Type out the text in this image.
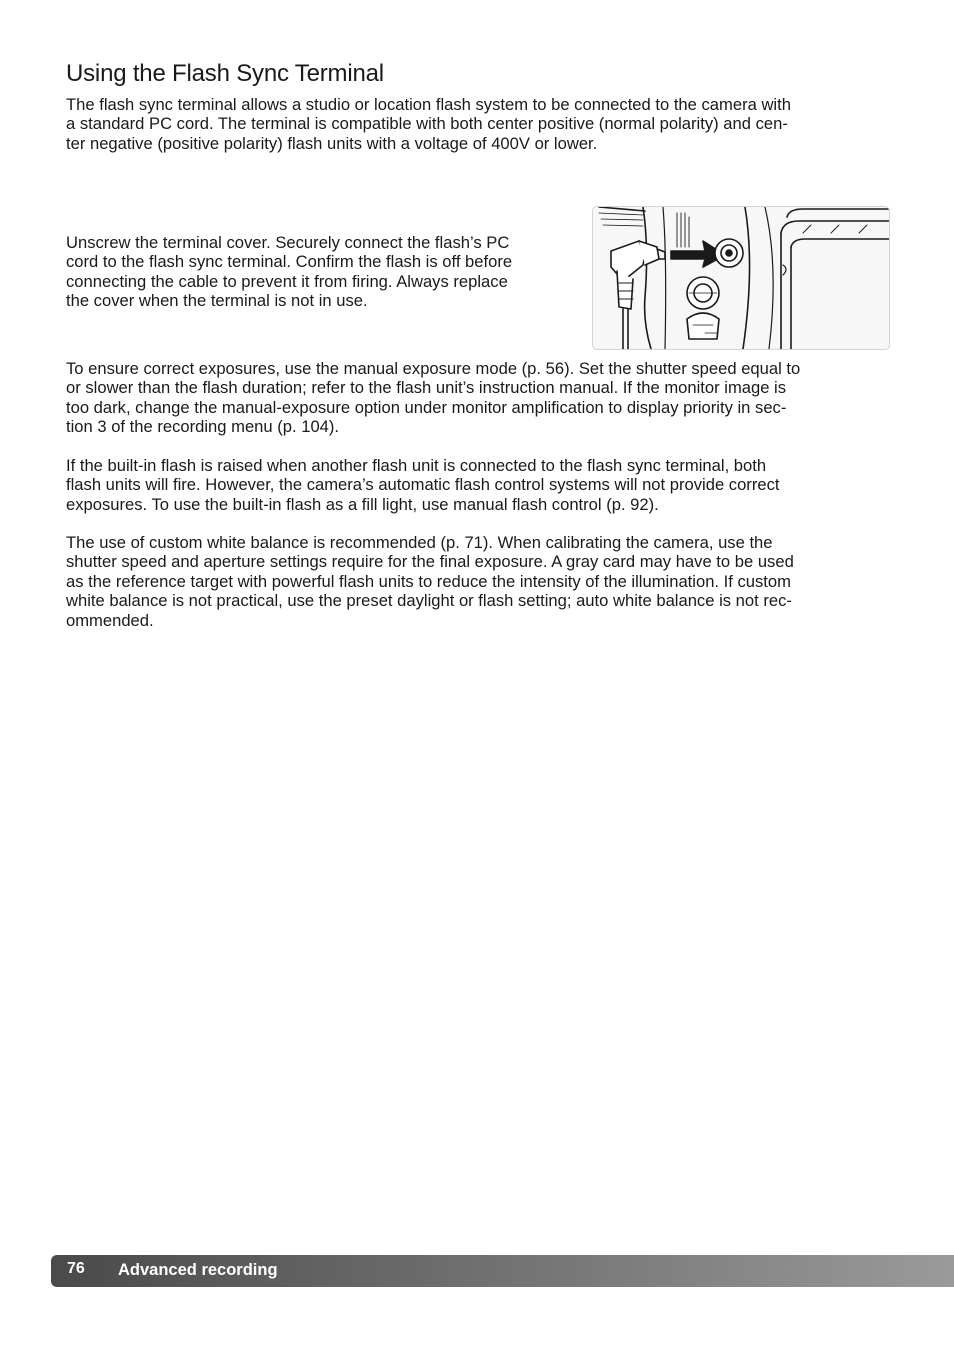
Using the Flash Sync Terminal

The flash sync terminal allows a studio or location flash system to be connected to the camera with
a standard PC cord. The terminal is compatible with both center positive (normal polarity) and cen-
ter negative (positive polarity) flash units with a voltage of 400V or lower.

Unscrew the terminal cover. Securely connect the flash’s PC
cord to the flash sync terminal. Confirm the flash is off before
connecting the cable to prevent it from firing. Always replace
the cover when the terminal is not in use.

To ensure correct exposures, use the manual exposure mode (p. 56). Set the shutter speed equal to
or slower than the flash duration; refer to the flash unit’s instruction manual. If the monitor image is
too dark, change the manual-exposure option under monitor amplification to display priority in sec-
tion 3 of the recording menu (p. 104).

If the built-in flash is raised when another flash unit is connected to the flash sync terminal, both
flash units will fire. However, the camera’s automatic flash control systems will not provide correct
exposures. To use the built-in flash as a fill light, use manual flash control (p. 92).

The use of custom white balance is recommended (p. 71). When calibrating the camera, use the
shutter speed and aperture settings require for the final exposure. A gray card may have to be used
as the reference target with powerful flash units to reduce the intensity of the illumination. If custom
white balance is not practical, use the preset daylight or flash setting; auto white balance is not rec-
ommended.

76 Advanced recording
